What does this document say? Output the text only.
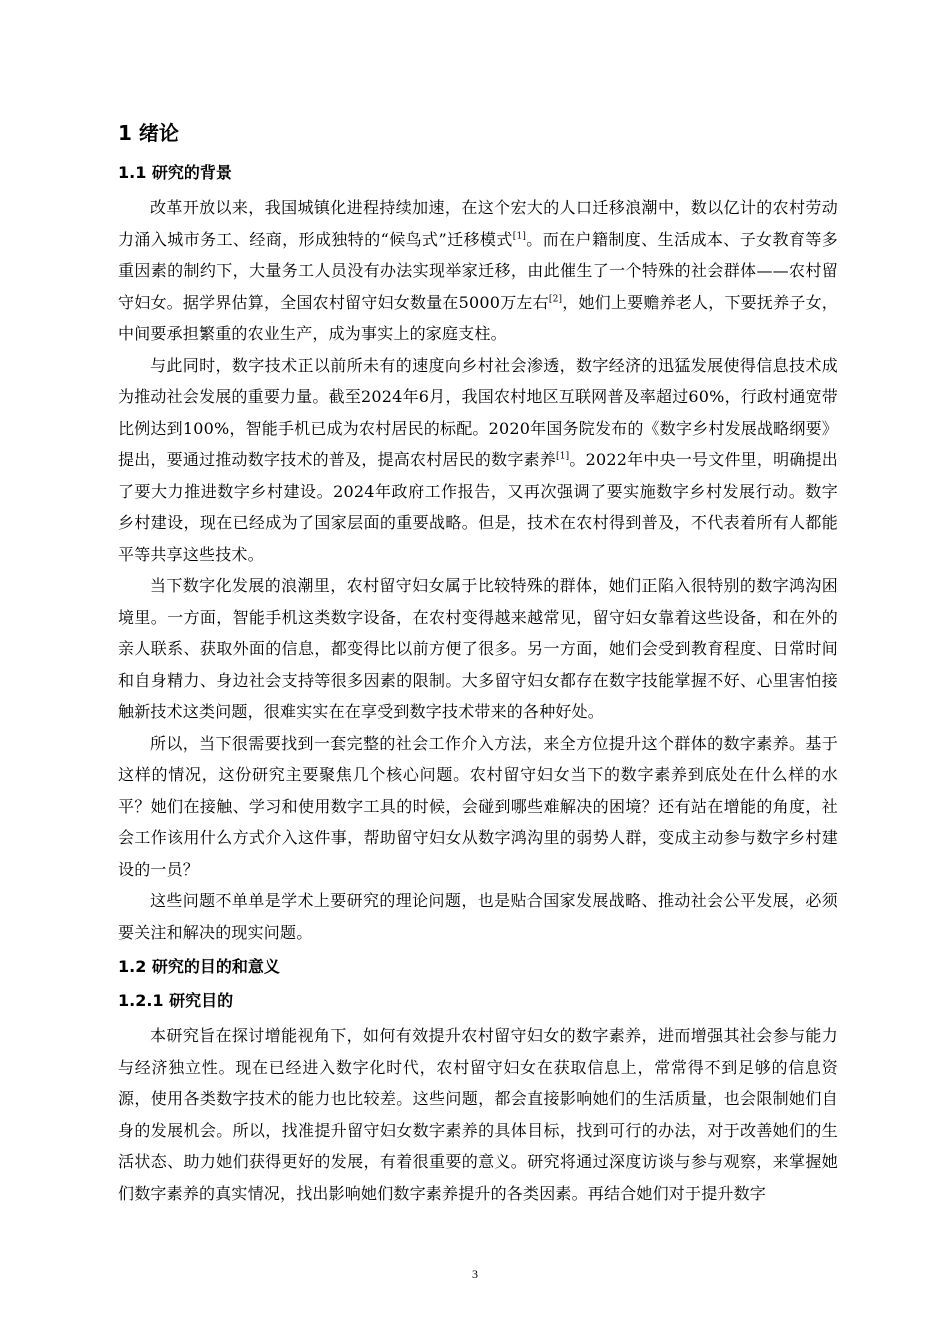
1 绪论
1.1 研究的背景

改革开放以来，我国城镇化进程持续加速，在这个宏大的人口迁移浪潮中，数以亿计的农村劳动力涌入城市务工、经商，形成独特的“候鸟式”迁移模式[1]。而在户籍制度、生活成本、子女教育等多重因素的制约下，大量务工人员没有办法实现举家迁移，由此催生了一个特殊的社会群体——农村留守妇女。据学界估算，全国农村留守妇女数量在5000万左右[2]，她们上要赡养老人，下要抚养子女，中间要承担繁重的农业生产，成为事实上的家庭支柱。

与此同时，数字技术正以前所未有的速度向乡村社会渗透，数字经济的迅猛发展使得信息技术成为推动社会发展的重要力量。截至2024年6月，我国农村地区互联网普及率超过60%，行政村通宽带比例达到100%，智能手机已成为农村居民的标配。2020年国务院发布的《数字乡村发展战略纲要》提出，要通过推动数字技术的普及，提高农村居民的数字素养[1]。2022年中央一号文件里，明确提出了要大力推进数字乡村建设。2024年政府工作报告，又再次强调了要实施数字乡村发展行动。数字乡村建设，现在已经成为了国家层面的重要战略。但是，技术在农村得到普及，不代表着所有人都能平等共享这些技术。

当下数字化发展的浪潮里，农村留守妇女属于比较特殊的群体，她们正陷入很特别的数字鸿沟困境里。一方面，智能手机这类数字设备，在农村变得越来越常见，留守妇女靠着这些设备，和在外的亲人联系、获取外面的信息，都变得比以前方便了很多。另一方面，她们会受到教育程度、日常时间和自身精力、身边社会支持等很多因素的限制。大多留守妇女都存在数字技能掌握不好、心里害怕接触新技术这类问题，很难实实在在享受到数字技术带来的各种好处。

所以，当下很需要找到一套完整的社会工作介入方法，来全方位提升这个群体的数字素养。基于这样的情况，这份研究主要聚焦几个核心问题。农村留守妇女当下的数字素养到底处在什么样的水平？她们在接触、学习和使用数字工具的时候，会碰到哪些难解决的困境？还有站在增能的角度，社会工作该用什么方式介入这件事，帮助留守妇女从数字鸿沟里的弱势人群，变成主动参与数字乡村建设的一员？

这些问题不单单是学术上要研究的理论问题，也是贴合国家发展战略、推动社会公平发展，必须要关注和解决的现实问题。

1.2 研究的目的和意义
1.2.1 研究目的

本研究旨在探讨增能视角下，如何有效提升农村留守妇女的数字素养，进而增强其社会参与能力与经济独立性。现在已经进入数字化时代，农村留守妇女在获取信息上，常常得不到足够的信息资源，使用各类数字技术的能力也比较差。这些问题，都会直接影响她们的生活质量，也会限制她们自身的发展机会。所以，找准提升留守妇女数字素养的具体目标，找到可行的办法，对于改善她们的生活状态、助力她们获得更好的发展，有着很重要的意义。研究将通过深度访谈与参与观察，来掌握她们数字素养的真实情况，找出影响她们数字素养提升的各类因素。再结合她们对于提升数字

3
